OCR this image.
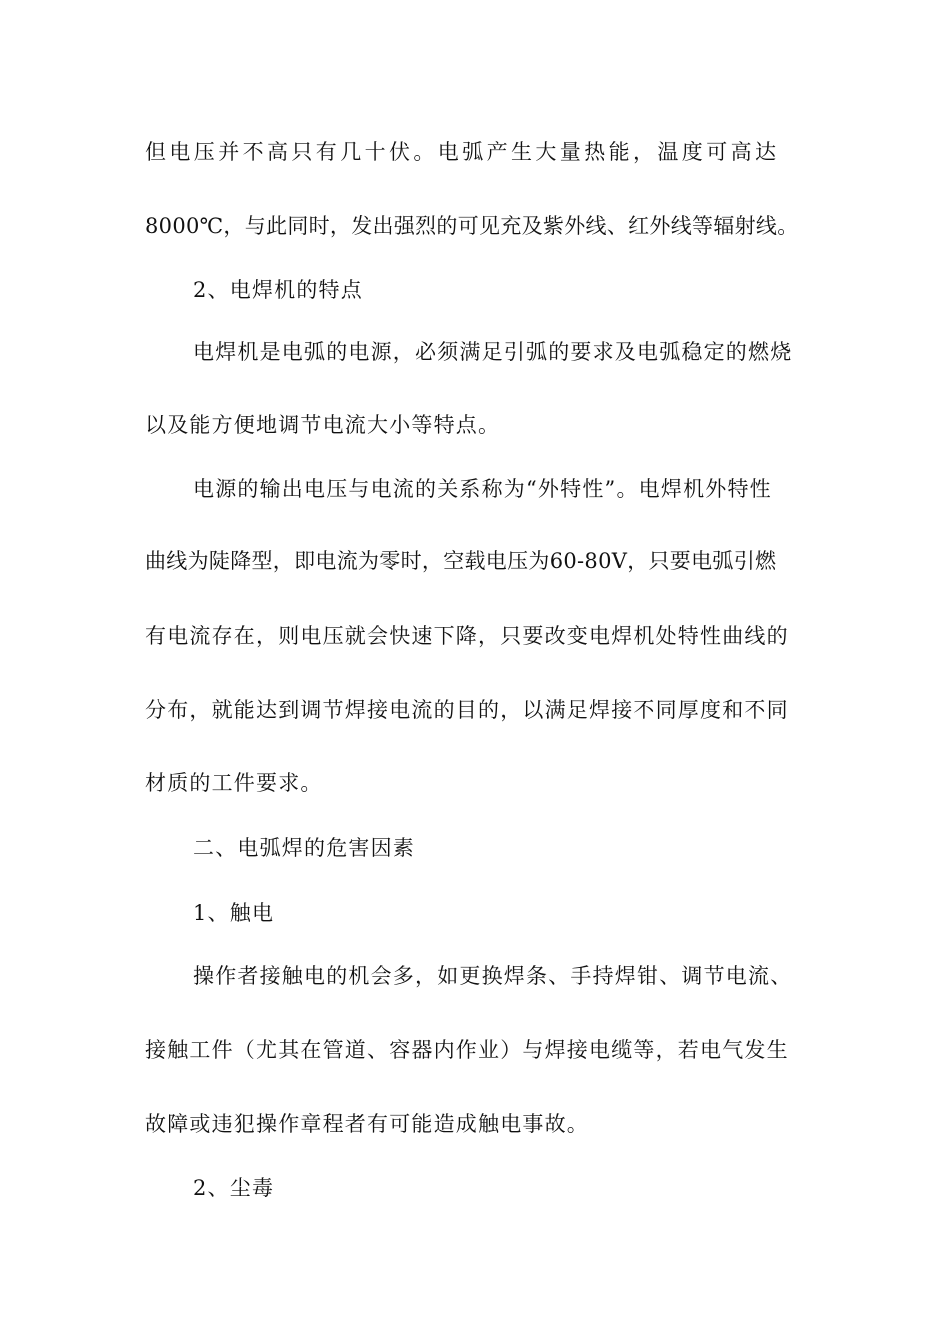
但电压并不高只有几十伏。电弧产生大量热能，温度可高达
8000℃，与此同时，发出强烈的可见充及紫外线、红外线等辐射线。
2、电焊机的特点
电焊机是电弧的电源，必须满足引弧的要求及电弧稳定的燃烧
以及能方便地调节电流大小等特点。
电源的输出电压与电流的关系称为“外特性”。电焊机外特性
曲线为陡降型，即电流为零时，空载电压为60-80V，只要电弧引燃
有电流存在，则电压就会快速下降，只要改变电焊机处特性曲线的
分布，就能达到调节焊接电流的目的，以满足焊接不同厚度和不同
材质的工件要求。
二、电弧焊的危害因素
1、触电
操作者接触电的机会多，如更换焊条、手持焊钳、调节电流、
接触工件（尤其在管道、容器内作业）与焊接电缆等，若电气发生
故障或违犯操作章程者有可能造成触电事故。
2、尘毒
